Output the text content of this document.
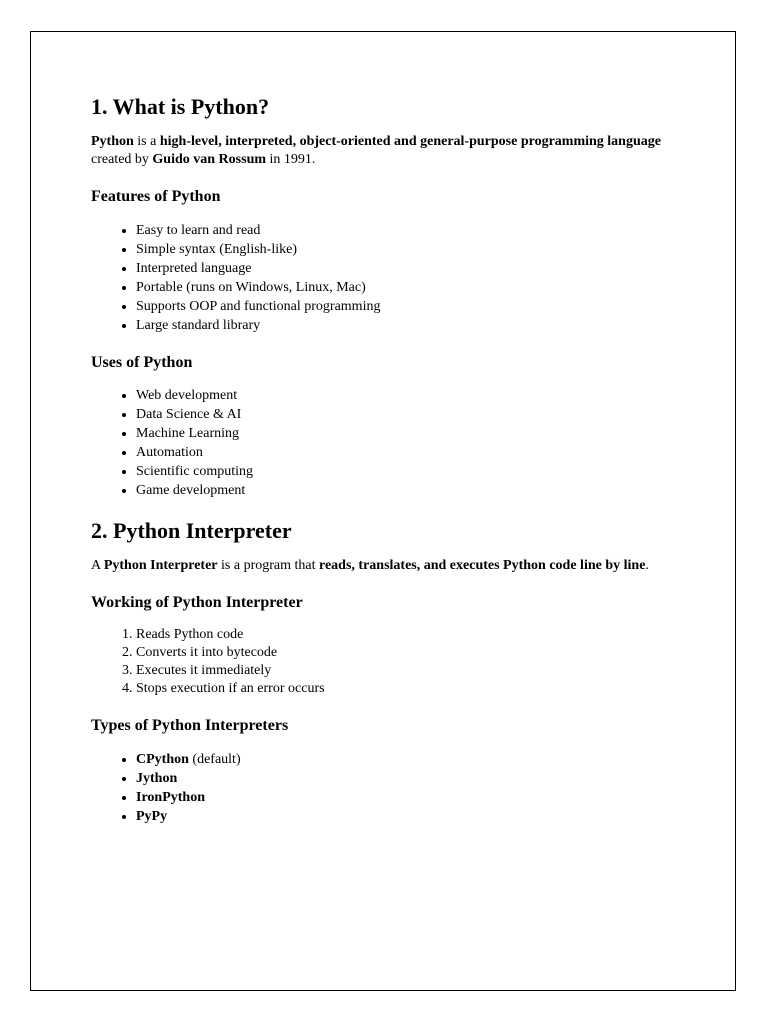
1. What is Python?

Python is a high-level, interpreted, object-oriented and general-purpose programming language created by Guido van Rossum in 1991.

Features of Python
• Easy to learn and read
• Simple syntax (English-like)
• Interpreted language
• Portable (runs on Windows, Linux, Mac)
• Supports OOP and functional programming
• Large standard library
Uses of Python
• Web development
• Data Science & AI
• Machine Learning
• Automation
• Scientific computing
• Game development
2. Python Interpreter

A Python Interpreter is a program that reads, translates, and executes Python code line by line.

Working of Python Interpreter
1. Reads Python code
2. Converts it into bytecode
3. Executes it immediately
4. Stops execution if an error occurs
Types of Python Interpreters
• CPython (default)
• Jython
• IronPython
• PyPy
